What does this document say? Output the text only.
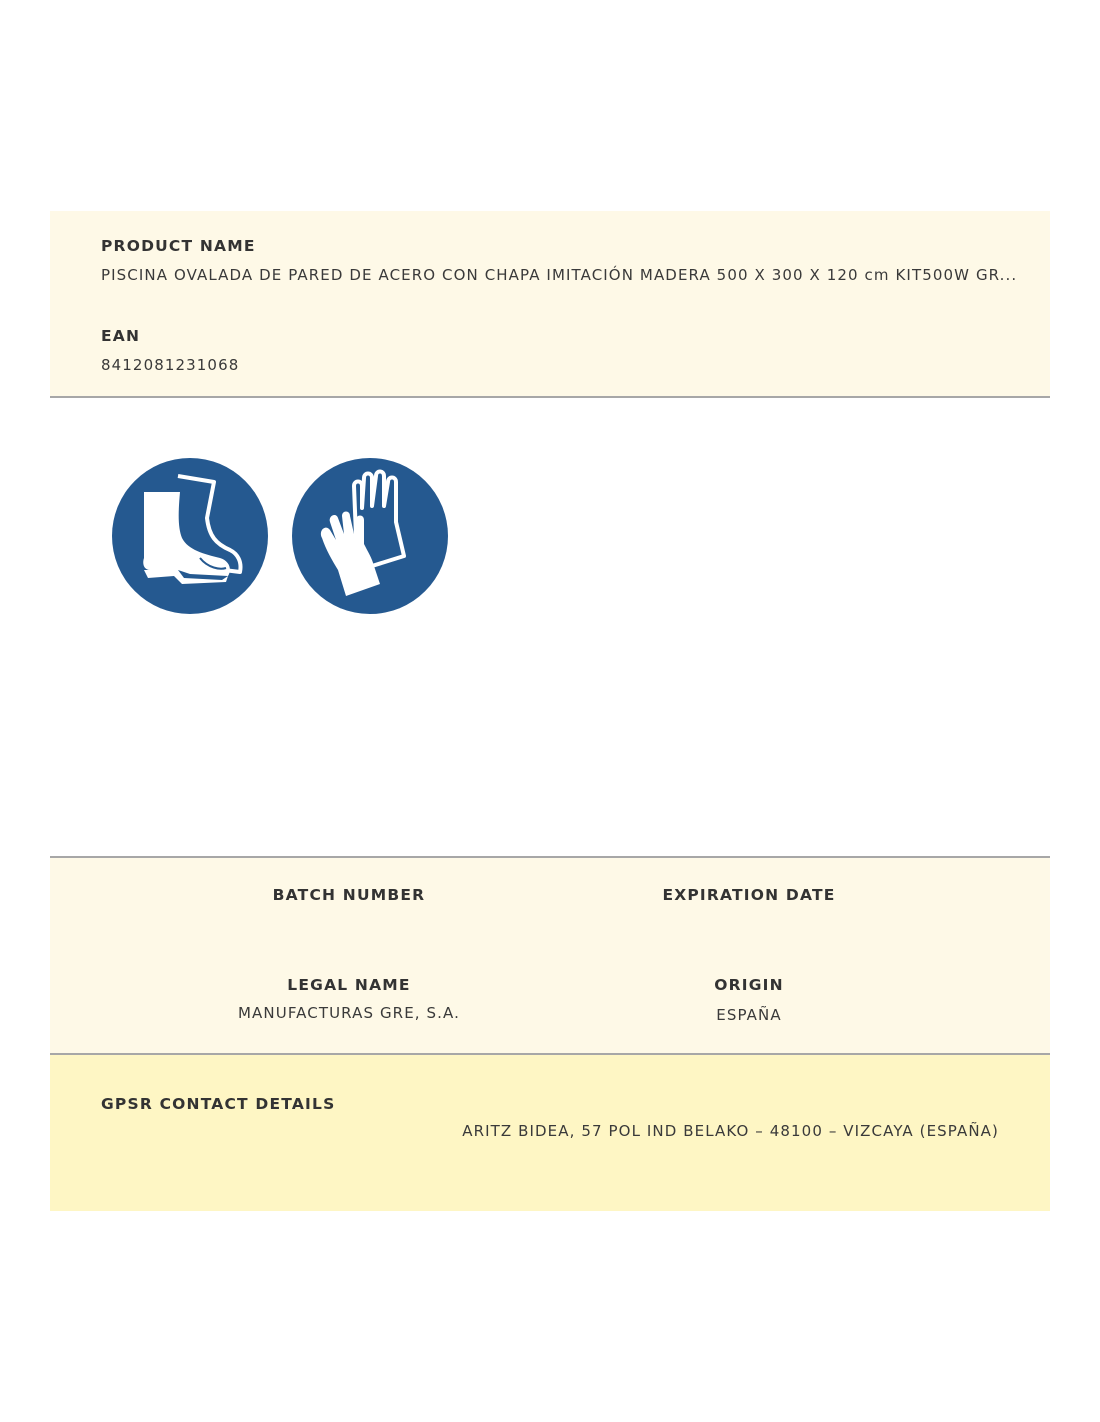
PRODUCT NAME
PISCINA OVALADA DE PARED DE ACERO CON CHAPA IMITACIÓN MADERA 500 X 300 X 120 cm KIT500W GR...
EAN
8412081231068
BATCH NUMBER	EXPIRATION DATE
LEGAL NAME
MANUFACTURAS GRE, S.A.
ORIGIN
ESPAÑA
GPSR CONTACT DETAILS
ARITZ BIDEA, 57 POL IND BELAKO – 48100 – VIZCAYA (ESPAÑA)
